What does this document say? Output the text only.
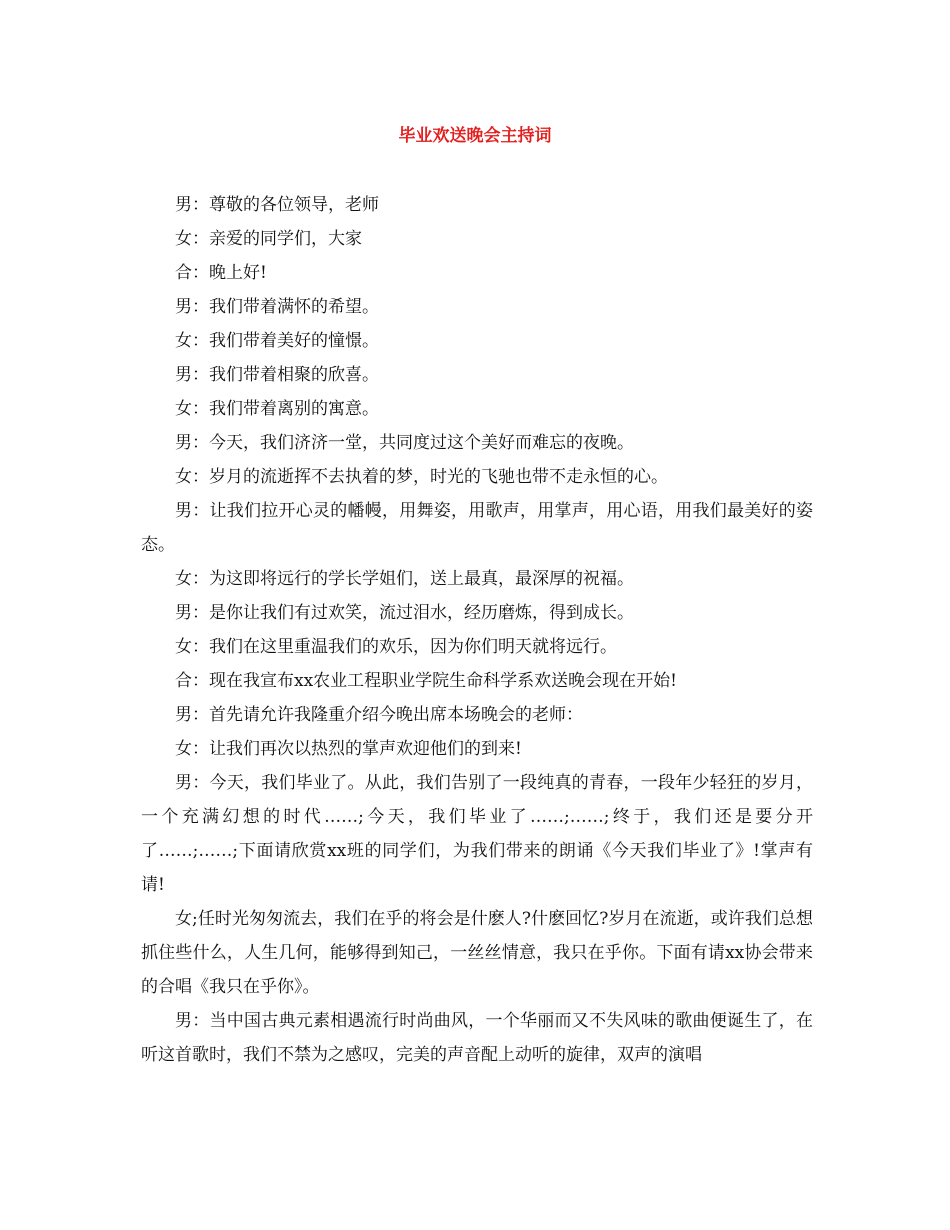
毕业欢送晚会主持词

男：尊敬的各位领导，老师

女：亲爱的同学们，大家

合：晚上好!

男：我们带着满怀的希望。

女：我们带着美好的憧憬。

男：我们带着相聚的欣喜。

女：我们带着离别的寓意。

男：今天，我们济济一堂，共同度过这个美好而难忘的夜晚。

女：岁月的流逝挥不去执着的梦，时光的飞驰也带不走永恒的心。

男：让我们拉开心灵的幡幔，用舞姿，用歌声，用掌声，用心语，用我们最美好的姿态。

女：为这即将远行的学长学姐们，送上最真，最深厚的祝福。

男：是你让我们有过欢笑，流过泪水，经历磨炼，得到成长。

女：我们在这里重温我们的欢乐，因为你们明天就将远行。

合：现在我宣布xx农业工程职业学院生命科学系欢送晚会现在开始!

男：首先请允许我隆重介绍今晚出席本场晚会的老师：

女：让我们再次以热烈的掌声欢迎他们的到来!

男：今天，我们毕业了。从此，我们告别了一段纯真的青春，一段年少轻狂的岁月，一个充满幻想的时代……;今天，我们毕业了……;……;终于，我们还是要分开了……;……;下面请欣赏xx班的同学们，为我们带来的朗诵《今天我们毕业了》!掌声有请!

女;任时光匆匆流去，我们在乎的将会是什麽人?什麽回忆?岁月在流逝，或许我们总想抓住些什么，人生几何，能够得到知己，一丝丝情意，我只在乎你。下面有请xx协会带来的合唱《我只在乎你》。

男：当中国古典元素相遇流行时尚曲风，一个华丽而又不失风味的歌曲便诞生了，在听这首歌时，我们不禁为之感叹，完美的声音配上动听的旋律，双声的演唱
